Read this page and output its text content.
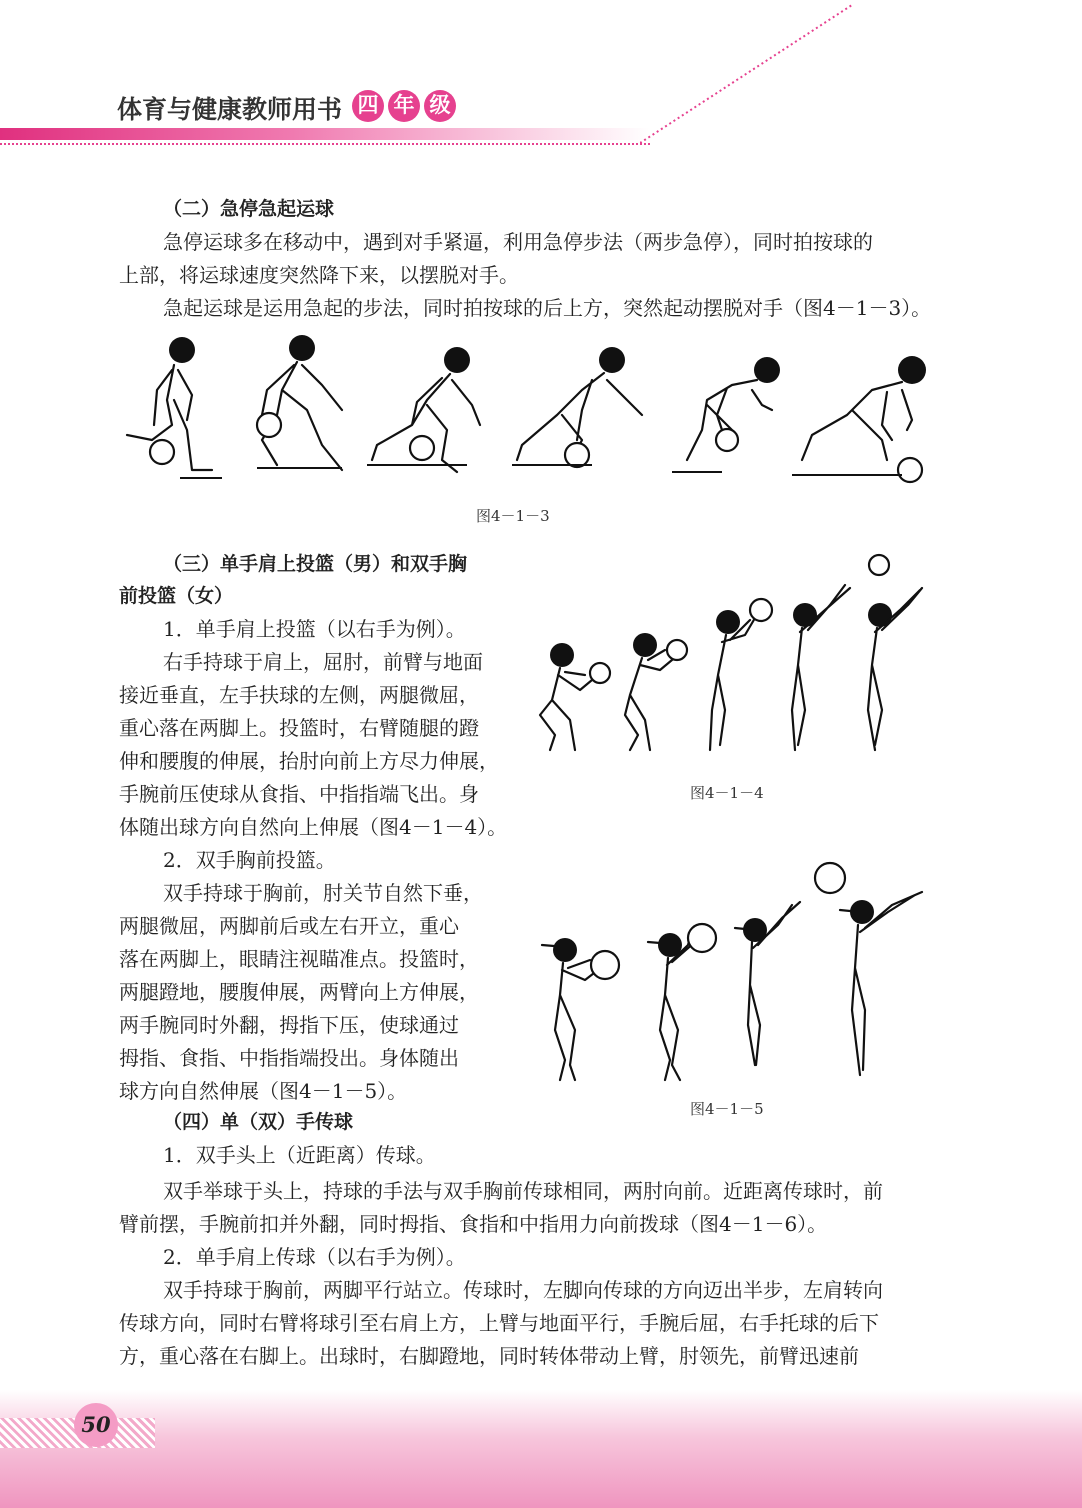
体育与健康教师用书 四 年 级
（二）急停急起运球
急停运球多在移动中，遇到对手紧逼，利用急停步法（两步急停），同时拍按球的
上部，将运球速度突然降下来，以摆脱对手。
急起运球是运用急起的步法，同时拍按球的后上方，突然起动摆脱对手（图4－1－3）。
图4－1－3
（三）单手肩上投篮（男）和双手胸
前投篮（女）
1．单手肩上投篮（以右手为例）。
右手持球于肩上，屈肘，前臂与地面
接近垂直，左手扶球的左侧，两腿微屈，
重心落在两脚上。投篮时，右臂随腿的蹬
伸和腰腹的伸展，抬肘向前上方尽力伸展，
手腕前压使球从食指、中指指端飞出。身
体随出球方向自然向上伸展（图4－1－4）。
2．双手胸前投篮。
双手持球于胸前，肘关节自然下垂，
两腿微屈，两脚前后或左右开立，重心
落在两脚上，眼睛注视瞄准点。投篮时，
两腿蹬地，腰腹伸展，两臂向上方伸展，
两手腕同时外翻，拇指下压，使球通过
拇指、食指、中指指端投出。身体随出
球方向自然伸展（图4－1－5）。
图4－1－4
图4－1－5
（四）单（双）手传球
1．双手头上（近距离）传球。
双手举球于头上，持球的手法与双手胸前传球相同，两肘向前。近距离传球时，前
臂前摆，手腕前扣并外翻，同时拇指、食指和中指用力向前拨球（图4－1－6）。
2．单手肩上传球（以右手为例）。
双手持球于胸前，两脚平行站立。传球时，左脚向传球的方向迈出半步，左肩转向
传球方向，同时右臂将球引至右肩上方，上臂与地面平行，手腕后屈，右手托球的后下
方，重心落在右脚上。出球时，右脚蹬地，同时转体带动上臂，肘领先，前臂迅速前
50
